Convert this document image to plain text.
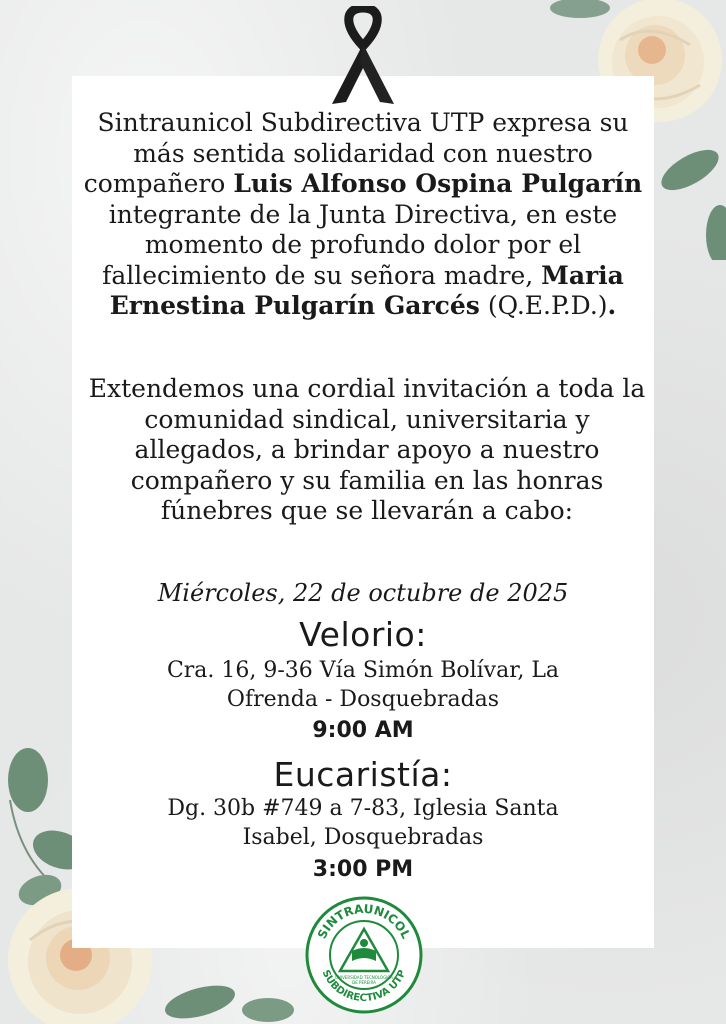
Sintraunicol Subdirectiva UTP expresa su más sentida solidaridad con nuestro compañero Luis Alfonso Ospina Pulgarín integrante de la Junta Directiva, en este momento de profundo dolor por el fallecimiento de su señora madre, Maria Ernestina Pulgarín Garcés (Q.E.P.D.).
Extendemos una cordial invitación a toda la comunidad sindical, universitaria y allegados, a brindar apoyo a nuestro compañero y su familia en las honras fúnebres que se llevarán a cabo:
Miércoles, 22 de octubre de 2025
Velorio:
Cra. 16, 9-36 Vía Simón Bolívar, La
Ofrenda - Dosquebradas
9:00 AM
Eucaristía:
Dg. 30b #749 a 7-83, Iglesia Santa
Isabel, Dosquebradas
3:00 PM
SINTRAUNICOL
SUBDIRECTIVA UTP
UNIVERSIDAD TECNOLÓGICA
DE PEREIRA
